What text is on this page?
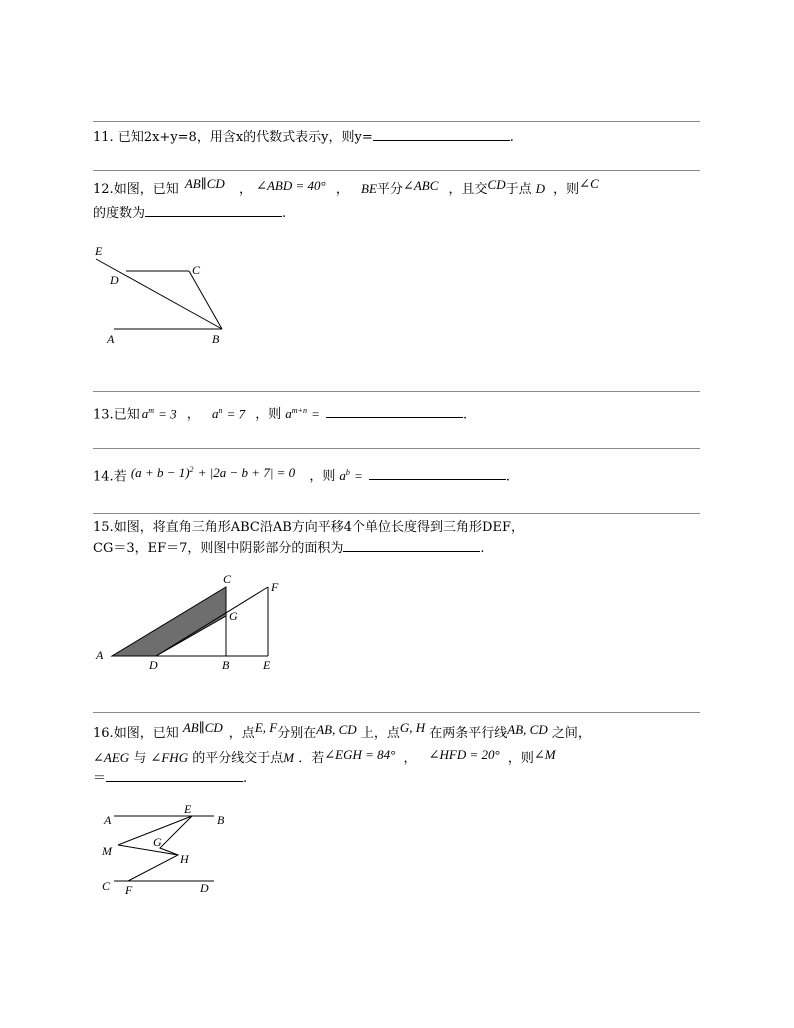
11. 已知2x+y=8，用含x的代数式表示y，则y=	.
12.如图，已知 AB∥CD ， ∠ABD = 40° ， BE平分∠ABC ，且交CD于点 D ，则∠C
的度数为	.
E
D
C
A	B
13.已知 $a^m = 3$ ， $a^n = 7$ ，则 $a^{m+n}$ =	.
14.若 $(a + b - 1)^2 + |2a - b + 7| = 0$ ，则 $a^b$ =	.
15.如图，将直角三角形ABC沿AB方向平移4个单位长度得到三角形DEF，
CG＝3，EF＝7，则图中阴影部分的面积为	.
C
F
G
A
D	B	E
16.如图，已知 AB∥CD ，点E, F分别在AB, CD 上，点G, H 在两条平行线AB, CD 之间，
∠AEG 与 ∠FHG 的平分线交于点M ．若∠EGH = 84° ， ∠HFD = 20° ，则∠M
＝	.
A
E
B
M
G
H
C F	D
